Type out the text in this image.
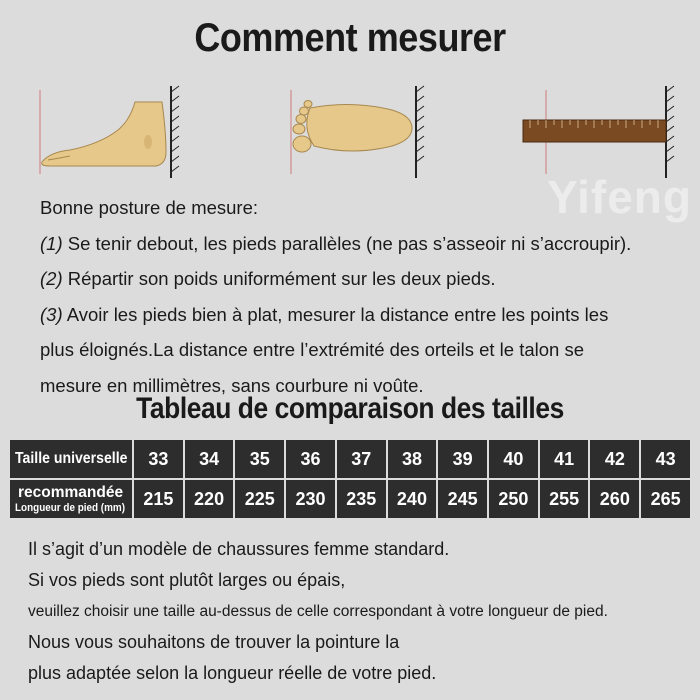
Comment mesurer
Yifeng
Bonne posture de mesure:
(1) Se tenir debout, les pieds parallèles (ne pas s’asseoir ni s’accroupir).
(2) Répartir son poids uniformément sur les deux pieds.
(3) Avoir les pieds bien à plat, mesurer la distance entre les points les
plus éloignés.La distance entre l’extrémité des orteils et le talon se
mesure en millimètres, sans courbure ni voûte.
Tableau de comparaison des tailles
Taille universelle	33	34	35	36	37	38	39	40	41	42	43

recommandée
Longueur de pied (mm)	215	220	225	230	235	240	245	250	255	260	265
Il s’agit d’un modèle de chaussures femme standard.
Si vos pieds sont plutôt larges ou épais,
veuillez choisir une taille au-dessus de celle correspondant à votre longueur de pied.
Nous vous souhaitons de trouver la pointure la
plus adaptée selon la longueur réelle de votre pied.
